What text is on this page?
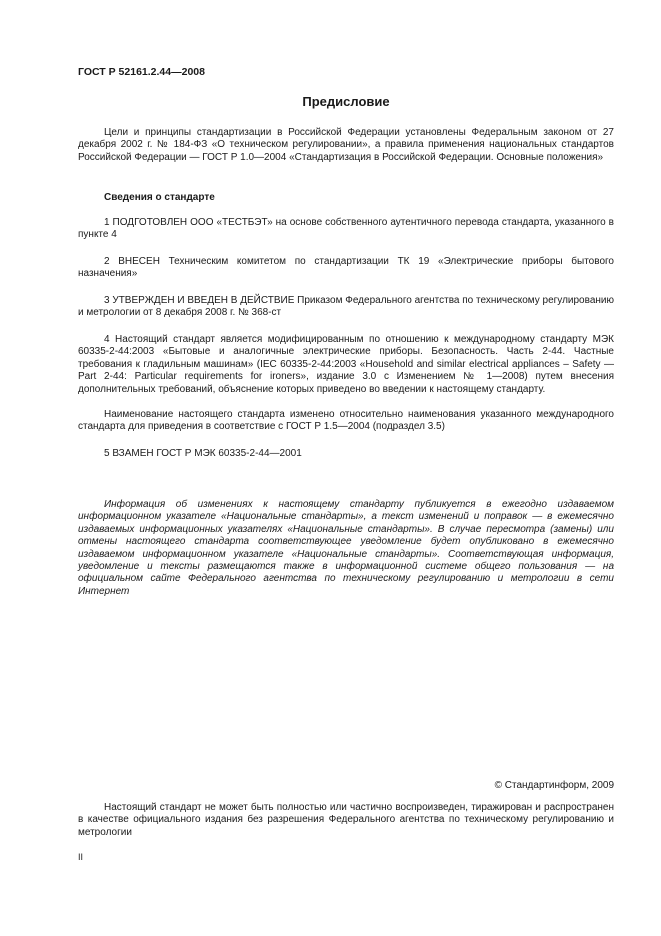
ГОСТ Р 52161.2.44—2008
Предисловие

Цели и принципы стандартизации в Российской Федерации установлены Федеральным законом от 27 декабря 2002 г. № 184-ФЗ «О техническом регулировании», а правила применения национальных стандартов Российской Федерации — ГОСТ Р 1.0—2004 «Стандартизация в Российской Федерации. Основные положения»

Сведения о стандарте

1 ПОДГОТОВЛЕН ООО «ТЕСТБЭТ» на основе собственного аутентичного перевода стандарта, указанного в пункте 4

2 ВНЕСЕН Техническим комитетом по стандартизации ТК 19 «Электрические приборы бытового назначения»

3 УТВЕРЖДЕН И ВВЕДЕН В ДЕЙСТВИЕ Приказом Федерального агентства по техническому регулированию и метрологии от 8 декабря 2008 г. № 368-ст

4 Настоящий стандарт является модифицированным по отношению к международному стандарту МЭК 60335-2-44:2003 «Бытовые и аналогичные электрические приборы. Безопасность. Часть 2-44. Частные требования к гладильным машинам» (IEC 60335-2-44:2003 «Household and similar electrical appliances – Safety — Part 2-44: Particular requirements for ironers», издание 3.0 с Изменением № 1—2008) путем внесения дополнительных требований, объяснение которых приведено во введении к настоящему стандарту.

Наименование настоящего стандарта изменено относительно наименования указанного международного стандарта для приведения в соответствие с ГОСТ Р 1.5—2004 (подраздел 3.5)

5 ВЗАМЕН ГОСТ Р МЭК 60335-2-44—2001

Информация об изменениях к настоящему стандарту публикуется в ежегодно издаваемом информационном указателе «Национальные стандарты», а текст изменений и поправок — в ежемесячно издаваемых информационных указателях «Национальные стандарты». В случае пересмотра (замены) или отмены настоящего стандарта соответствующее уведомление будет опубликовано в ежемесячно издаваемом информационном указателе «Национальные стандарты». Соответствующая информация, уведомление и тексты размещаются также в информационной системе общего пользования — на официальном сайте Федерального агентства по техническому регулированию и метрологии в сети Интернет

© Стандартинформ, 2009

Настоящий стандарт не может быть полностью или частично воспроизведен, тиражирован и распространен в качестве официального издания без разрешения Федерального агентства по техническому регулированию и метрологии

II
